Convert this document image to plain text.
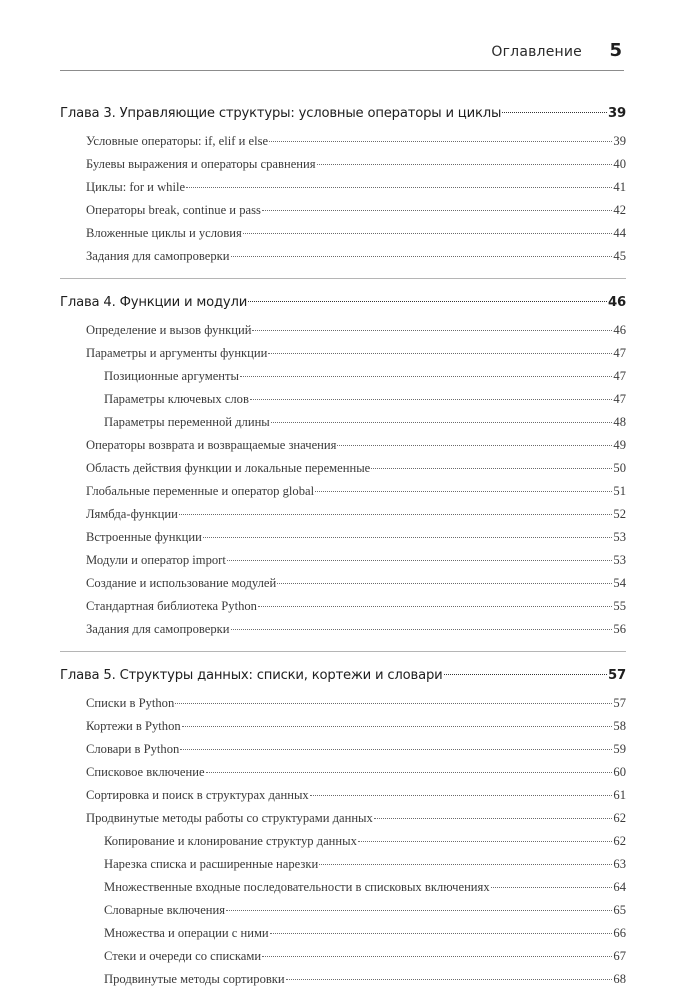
Оглавление 5
Глава 3. Управляющие структуры: условные операторы и циклы	39
Условные операторы: if, elif и else	39
Булевы выражения и операторы сравнения	40
Циклы: for и while	41
Операторы break, continue и pass	42
Вложенные циклы и условия	44
Задания для самопроверки	45
Глава 4. Функции и модули	46
Определение и вызов функций	46
Параметры и аргументы функции	47
Позиционные аргументы	47
Параметры ключевых слов	47
Параметры переменной длины	48
Операторы возврата и возвращаемые значения	49
Область действия функции и локальные переменные	50
Глобальные переменные и оператор global	51
Лямбда-функции	52
Встроенные функции	53
Модули и оператор import	53
Создание и использование модулей	54
Стандартная библиотека Python	55
Задания для самопроверки	56
Глава 5. Структуры данных: списки, кортежи и словари	57
Списки в Python	57
Кортежи в Python	58
Словари в Python	59
Списковое включение	60
Сортировка и поиск в структурах данных	61
Продвинутые методы работы со структурами данных	62
Копирование и клонирование структур данных	62
Нарезка списка и расширенные нарезки	63
Множественные входные последовательности в списковых включениях	64
Словарные включения	65
Множества и операции с ними	66
Стеки и очереди со списками	67
Продвинутые методы сортировки	68
